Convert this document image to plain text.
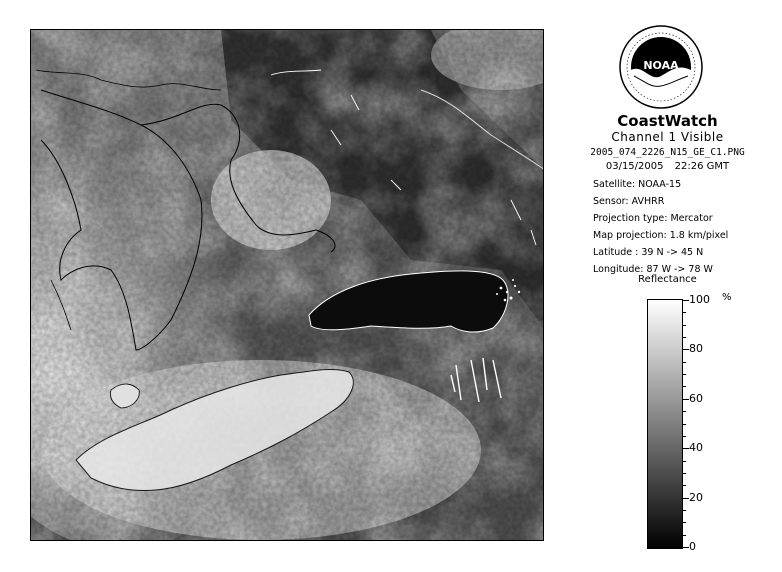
NOAA
CoastWatch
Channel 1 Visible
2005_074_2226_N15_GE_C1.PNG
03/15/2005 22:26 GMT
Satellite: NOAA-15
Sensor: AVHRR
Projection type: Mercator
Map projection: 1.8 km/pixel
Latitude : 39 N -> 45 N
Longitude: 87 W -> 78 W
Reflectance
%
100
80
60
40
20
0
